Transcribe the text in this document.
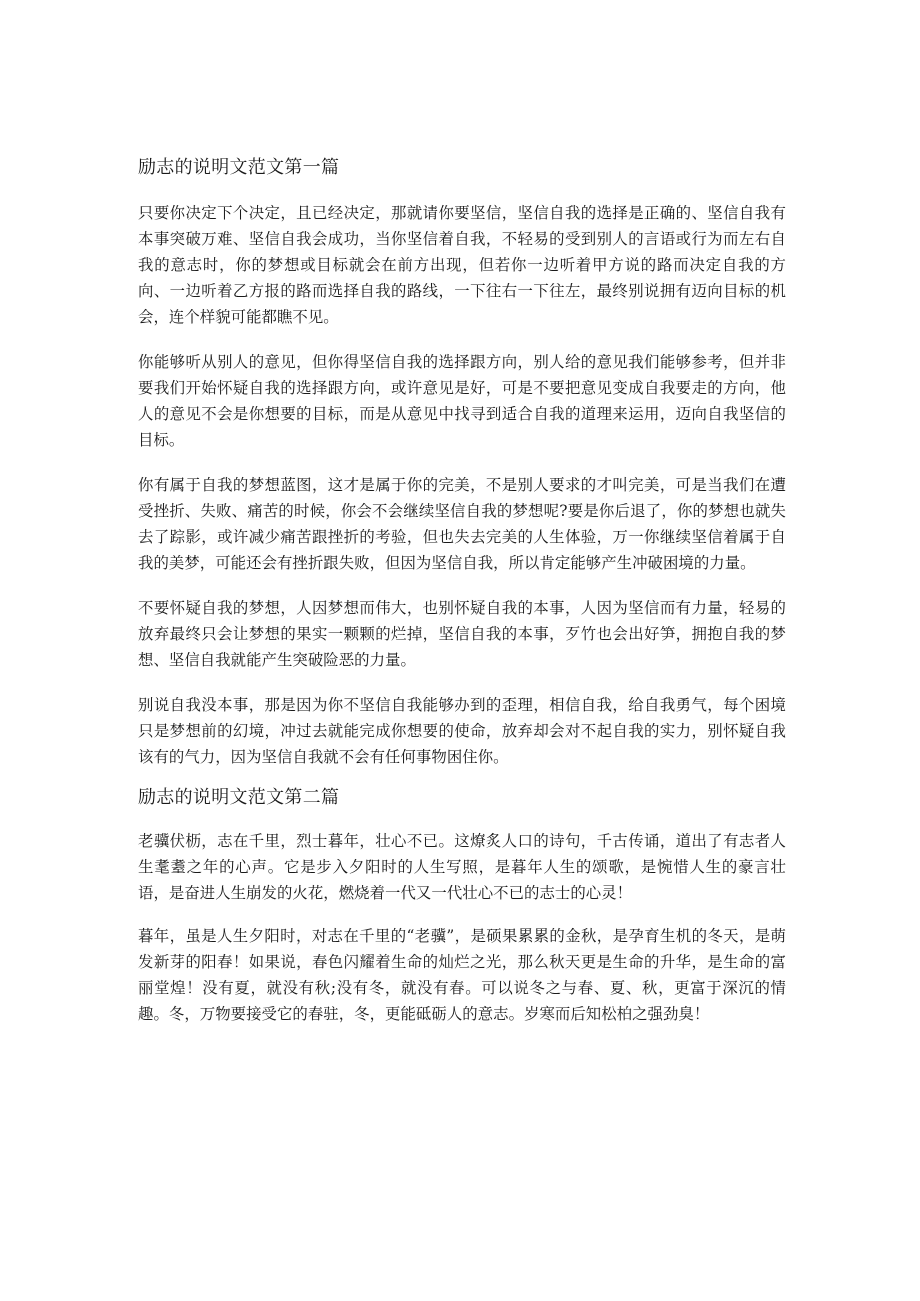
励志的说明文范文第一篇

只要你决定下个决定，且已经决定，那就请你要坚信，坚信自我的选择是正确的、坚信自我有本事突破万难、坚信自我会成功，当你坚信着自我，不轻易的受到别人的言语或行为而左右自我的意志时，你的梦想或目标就会在前方出现，但若你一边听着甲方说的路而决定自我的方向、一边听着乙方报的路而选择自我的路线，一下往右一下往左，最终别说拥有迈向目标的机会，连个样貌可能都瞧不见。

你能够听从别人的意见，但你得坚信自我的选择跟方向，别人给的意见我们能够参考，但并非要我们开始怀疑自我的选择跟方向，或许意见是好，可是不要把意见变成自我要走的方向，他人的意见不会是你想要的目标，而是从意见中找寻到适合自我的道理来运用，迈向自我坚信的目标。

你有属于自我的梦想蓝图，这才是属于你的完美，不是别人要求的才叫完美，可是当我们在遭受挫折、失败、痛苦的时候，你会不会继续坚信自我的梦想呢?要是你后退了，你的梦想也就失去了踪影，或许减少痛苦跟挫折的考验，但也失去完美的人生体验，万一你继续坚信着属于自我的美梦，可能还会有挫折跟失败，但因为坚信自我，所以肯定能够产生冲破困境的力量。

不要怀疑自我的梦想，人因梦想而伟大，也别怀疑自我的本事，人因为坚信而有力量，轻易的放弃最终只会让梦想的果实一颗颗的烂掉，坚信自我的本事，歹竹也会出好笋，拥抱自我的梦想、坚信自我就能产生突破险恶的力量。

别说自我没本事，那是因为你不坚信自我能够办到的歪理，相信自我，给自我勇气，每个困境只是梦想前的幻境，冲过去就能完成你想要的使命，放弃却会对不起自我的实力，别怀疑自我该有的气力，因为坚信自我就不会有任何事物困住你。

励志的说明文范文第二篇

老骥伏枥，志在千里，烈士暮年，壮心不已。这燎炙人口的诗句，千古传诵，道出了有志者人生耄耋之年的心声。它是步入夕阳时的人生写照，是暮年人生的颂歌，是惋惜人生的豪言壮语，是奋进人生崩发的火花，燃烧着一代又一代壮心不已的志士的心灵！

暮年，虽是人生夕阳时，对志在千里的“老骥”，是硕果累累的金秋，是孕育生机的冬天，是萌发新芽的阳春！如果说，春色闪耀着生命的灿烂之光，那么秋天更是生命的升华，是生命的富丽堂煌！没有夏，就没有秋;没有冬，就没有春。可以说冬之与春、夏、秋，更富于深沉的情趣。冬，万物要接受它的春驻，冬，更能砥砺人的意志。岁寒而后知松柏之强劲臭！
